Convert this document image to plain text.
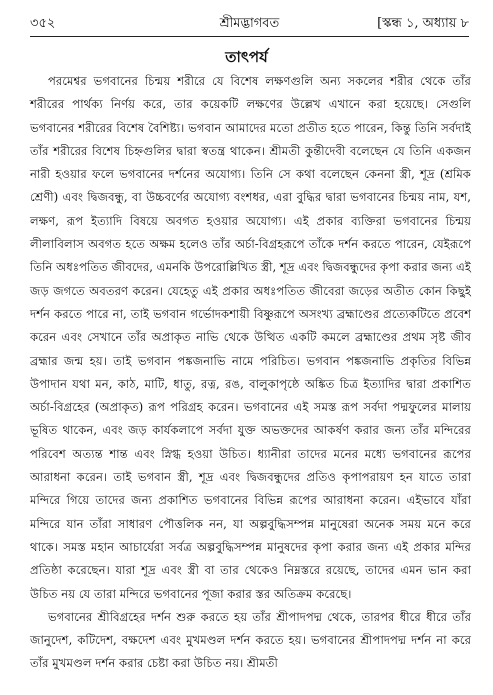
৩৫২	শ্রীমদ্ভাগবত	[স্কন্ধ ১, অধ্যায় ৮
তাৎপর্য

পরমেশ্বর ভগবানের চিন্ময় শরীরে যে বিশেষ লক্ষণগুলি অন্য সকলের শরীর থেকে তাঁর শরীরের পার্থক্য নির্ণয় করে, তার কয়েকটি লক্ষণের উল্লেখ এখানে করা হয়েছে। সেগুলি ভগবানের শরীরের বিশেষ বৈশিষ্ট্য। ভগবান আমাদের মতো প্রতীত হতে পারেন, কিন্তু তিনি সর্বদাই তাঁর শরীরের বিশেষ চিহ্নগুলির দ্বারা স্বতন্ত্র থাকেন। শ্রীমতী কুন্তীদেবী বলেছেন যে তিনি একজন নারী হওয়ার ফলে ভগবানের দর্শনের অযোগ্য। তিনি সে কথা বলেছেন কেননা স্ত্রী, শূদ্র (শ্রমিক শ্রেণী) এবং দ্বিজবন্ধু, বা উচ্চবর্ণের অযোগ্য বংশধর, এরা বুদ্ধির দ্বারা ভগবানের চিন্ময় নাম, যশ, লক্ষণ, রূপ ইত্যাদি বিষয়ে অবগত হওয়ার অযোগ্য। এই প্রকার ব্যক্তিরা ভগবানের চিন্ময় লীলাবিলাস অবগত হতে অক্ষম হলেও তাঁর অর্চা-বিগ্রহরূপে তাঁকে দর্শন করতে পারেন, যেইরূপে তিনি অধঃপতিত জীবদের, এমনকি উপরোল্লিখিত স্ত্রী, শূদ্র এবং দ্বিজবন্ধুদের কৃপা করার জন্য এই জড় জগতে অবতরণ করেন। যেহেতু এই প্রকার অধঃপতিত জীবেরা জড়ের অতীত কোন কিছুই দর্শন করতে পারে না, তাই ভগবান গর্ভোদকশায়ী বিষ্ণুরূপে অসংখ্য ব্রহ্মাণ্ডের প্রত্যেকটিতে প্রবেশ করেন এবং সেখানে তাঁর অপ্রাকৃত নাভি থেকে উত্থিত একটি কমলে ব্রহ্মাণ্ডের প্রথম সৃষ্ট জীব ব্রহ্মার জন্ম হয়। তাই ভগবান পঙ্কজনাভি নামে পরিচিত। ভগবান পঙ্কজনাভি প্রকৃতির বিভিন্ন উপাদান যথা মন, কাঠ, মাটি, ধাতু, রত্ন, রঙ, বালুকাপৃষ্ঠে অঙ্কিত চিত্র ইত্যাদির দ্বারা প্রকাশিত অর্চা-বিগ্রহের (অপ্রাকৃত) রূপ পরিগ্রহ করেন। ভগবানের এই সমস্ত রূপ সর্বদা পদ্মফুলের মালায় ভূষিত থাকেন, এবং জড় কার্যকলাপে সর্বদা যুক্ত অভক্তদের আকর্ষণ করার জন্য তাঁর মন্দিরের পরিবেশ অত্যন্ত শান্ত এবং স্নিগ্ধ হওয়া উচিত। ধ্যানীরা তাদের মনের মধ্যে ভগবানের রূপের আরাধনা করেন। তাই ভগবান স্ত্রী, শূদ্র এবং দ্বিজবন্ধুদের প্রতিও কৃপাপরায়ণ হন যাতে তারা মন্দিরে গিয়ে তাদের জন্য প্রকাশিত ভগবানের বিভিন্ন রূপের আরাধনা করেন। এইভাবে যাঁরা মন্দিরে যান তাঁরা সাধারণ পৌত্তলিক নন, যা অল্পবুদ্ধিসম্পন্ন মানুষেরা অনেক সময় মনে করে থাকে। সমস্ত মহান আচার্যেরা সর্বত্র অল্পবুদ্ধিসম্পন্ন মানুষদের কৃপা করার জন্য এই প্রকার মন্দির প্রতিষ্ঠা করেছেন। যারা শূদ্র এবং স্ত্রী বা তার থেকেও নিম্নস্তরে রয়েছে, তাদের এমন ভান করা উচিত নয় যে তারা মন্দিরে ভগবানের পূজা করার স্তর অতিক্রম করেছে।

ভগবানের শ্রীবিগ্রহের দর্শন শুরু করতে হয় তাঁর শ্রীপাদপদ্ম থেকে, তারপর ধীরে ধীরে তাঁর জানুদেশ, কটিদেশ, বক্ষদেশ এবং মুখমণ্ডল দর্শন করতে হয়। ভগবানের শ্রীপাদপদ্ম দর্শন না করে তাঁর মুখমণ্ডল দর্শন করার চেষ্টা করা উচিত নয়। শ্রীমতী
